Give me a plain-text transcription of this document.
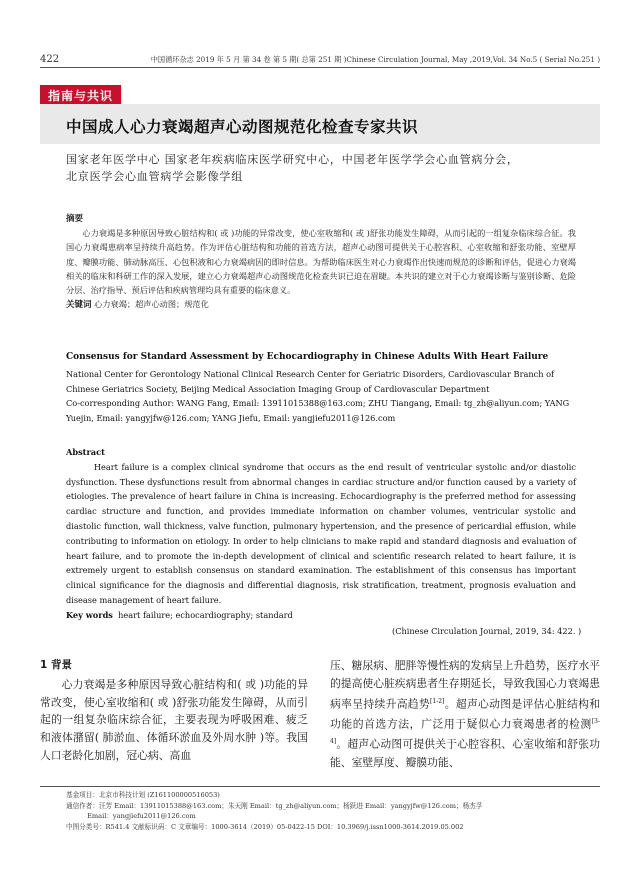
422	中国循环杂志 2019 年 5 月 第 34 卷 第 5 期( 总第 251 期 )Chinese Circulation Journal, May ,2019,Vol. 34 No.5 ( Serial No.251 )
指南与共识
中国成人心力衰竭超声心动图规范化检查专家共识
国家老年医学中心 国家老年疾病临床医学研究中心，中国老年医学学会心血管病分会，
北京医学会心血管病学会影像学组
摘要

心力衰竭是多种原因导致心脏结构和( 或 )功能的异常改变，使心室收缩和( 或 )舒张功能发生障碍，从而引起的一组复杂临床综合征。我国心力衰竭患病率呈持续升高趋势。作为评估心脏结构和功能的首选方法，超声心动图可提供关于心腔容积、心室收缩和舒张功能、室壁厚度、瓣膜功能、肺动脉高压、心包积液和心力衰竭病因的即时信息。为帮助临床医生对心力衰竭作出快速而规范的诊断和评估，促进心力衰竭相关的临床和科研工作的深入发展，建立心力衰竭超声心动图规范化检查共识已迫在眉睫。本共识的建立对于心力衰竭诊断与鉴别诊断、危险分层、治疗指导、预后评估和疾病管理均具有重要的临床意义。

关键词 心力衰竭；超声心动图；规范化
Consensus for Standard Assessment by Echocardiography in Chinese Adults With Heart Failure

National Center for Gerontology National Clinical Research Center for Geriatric Disorders, Cardiovascular Branch of Chinese Geriatrics Society, Beijing Medical Association Imaging Group of Cardiovascular Department

Co-corresponding Author: WANG Fang, Email: 13911015388@163.com; ZHU Tiangang, Email: tg_zh@aliyun.com; YANG Yuejin, Email: yangyjfw@126.com; YANG Jiefu, Email: yangjiefu2011@126.com

Abstract

Heart failure is a complex clinical syndrome that occurs as the end result of ventricular systolic and/or diastolic dysfunction. These dysfunctions result from abnormal changes in cardiac structure and/or function caused by a variety of etiologies. The prevalence of heart failure in China is increasing. Echocardiography is the preferred method for assessing cardiac structure and function, and provides immediate information on chamber volumes, ventricular systolic and diastolic function, wall thickness, valve function, pulmonary hypertension, and the presence of pericardial effusion, while contributing to information on etiology. In order to help clinicians to make rapid and standard diagnosis and evaluation of heart failure, and to promote the in-depth development of clinical and scientific research related to heart failure, it is extremely urgent to establish consensus on standard examination. The establishment of this consensus has important clinical significance for the diagnosis and differential diagnosis, risk stratification, treatment, prognosis evaluation and disease management of heart failure.

Key words heart failure; echocardiography; standard
(Chinese Circulation Journal, 2019, 34: 422. )
1 背景

心力衰竭是多种原因导致心脏结构和( 或 )功能的异常改变，使心室收缩和( 或 )舒张功能发生障碍，从而引起的一组复杂临床综合征，主要表现为呼吸困难、疲乏和液体潴留( 肺淤血、体循环淤血及外周水肿 )等。我国人口老龄化加剧，冠心病、高血

压、糖尿病、肥胖等慢性病的发病呈上升趋势，医疗水平的提高使心脏疾病患者生存期延长，导致我国心力衰竭患病率呈持续升高趋势[1-2]。超声心动图是评估心脏结构和功能的首选方法，广泛用于疑似心力衰竭患者的检测[3-4]。超声心动图可提供关于心腔容积、心室收缩和舒张功能、室壁厚度、瓣膜功能、
基金项目：北京市科技计划 (Z161100000516053)
通信作者：汪芳 Email：13911015388@163.com；朱天刚 Email：tg_zh@aliyun.com；杨跃进 Email：yangyjfw@126.com；杨杰孚
Email：yangjiefu2011@126.com
中图分类号：R541.4 文献标识码：C 文章编号：1000-3614（2019）05-0422-15 DOI：10.3969/j.issn1000-3614.2019.05.002
